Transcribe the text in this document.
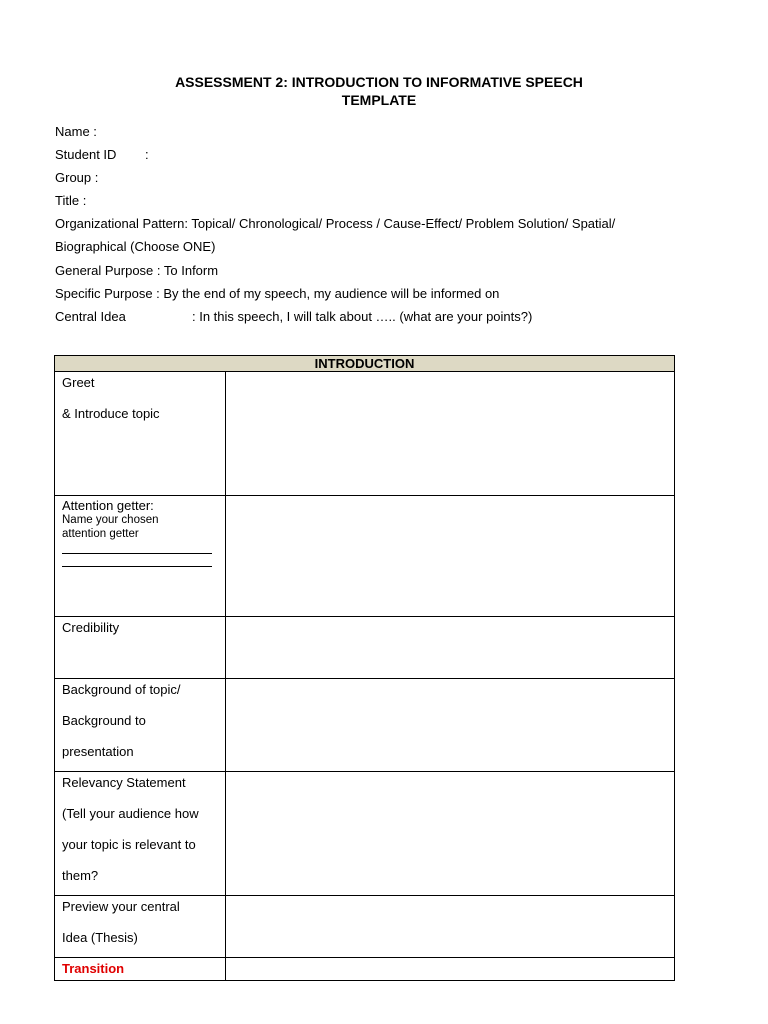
ASSESSMENT 2: INTRODUCTION TO INFORMATIVE SPEECH
TEMPLATE
Name :
Student ID :
Group :
Title :
Organizational Pattern: Topical/ Chronological/ Process / Cause-Effect/ Problem Solution/ Spatial/
Biographical (Choose ONE)
General Purpose : To Inform
Specific Purpose : By the end of my speech, my audience will be informed on
Central Idea	: In this speech, I will talk about ….. (what are your points?)
INTRODUCTION	

Greet
& Introduce topic	

Attention getter:
Name your chosen
attention getter	

Credibility	

Background of topic/
Background to
presentation	

Relevancy Statement
(Tell your audience how
your topic is relevant to
them?	

Preview your central
Idea (Thesis)	

Transition	
